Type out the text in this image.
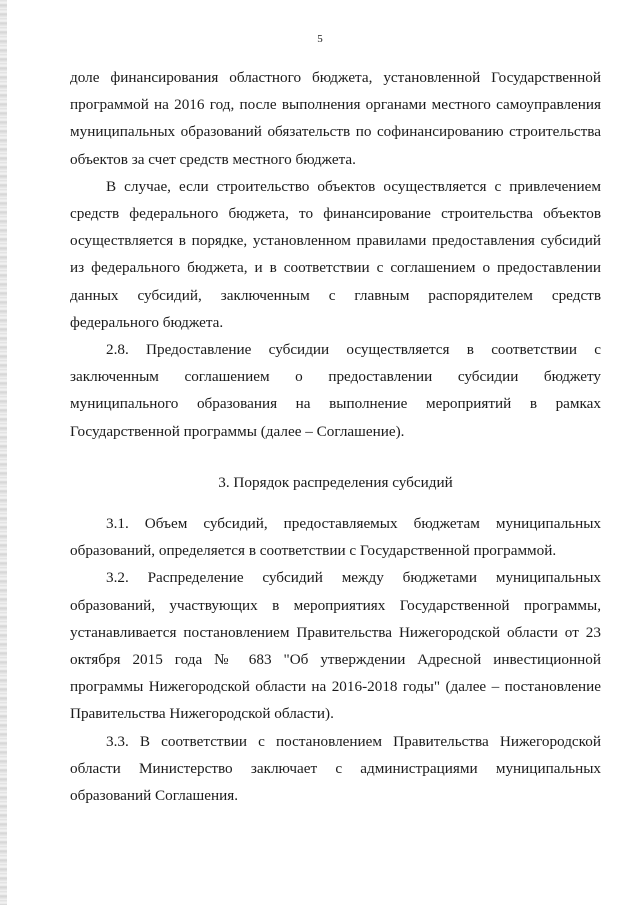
5
доле финансирования областного бюджета, установленной Государственной
программой на 2016 год, после выполнения органами местного самоуправления
муниципальных образований обязательств по софинансированию строительства
объектов за счет средств местного бюджета.
В случае, если строительство объектов осуществляется с привлечением
средств федерального бюджета, то финансирование строительства объектов
осуществляется в порядке, установленном правилами предоставления субсидий
из федерального бюджета, и в соответствии с соглашением о предоставлении
данных субсидий, заключенным с главным распорядителем средств
федерального бюджета.
2.8. Предоставление субсидии осуществляется в соответствии с
заключенным соглашением о предоставлении субсидии бюджету
муниципального образования на выполнение мероприятий в рамках
Государственной программы (далее – Соглашение).
3. Порядок распределения субсидий
3.1. Объем субсидий, предоставляемых бюджетам муниципальных
образований, определяется в соответствии с Государственной программой.
3.2. Распределение субсидий между бюджетами муниципальных
образований, участвующих в мероприятиях Государственной программы,
устанавливается постановлением Правительства Нижегородской области от 23
октября 2015 года № 683 "Об утверждении Адресной инвестиционной
программы Нижегородской области на 2016-2018 годы" (далее – постановление
Правительства Нижегородской области).
3.3. В соответствии с постановлением Правительства Нижегородской
области Министерство заключает с администрациями муниципальных
образований Соглашения.
